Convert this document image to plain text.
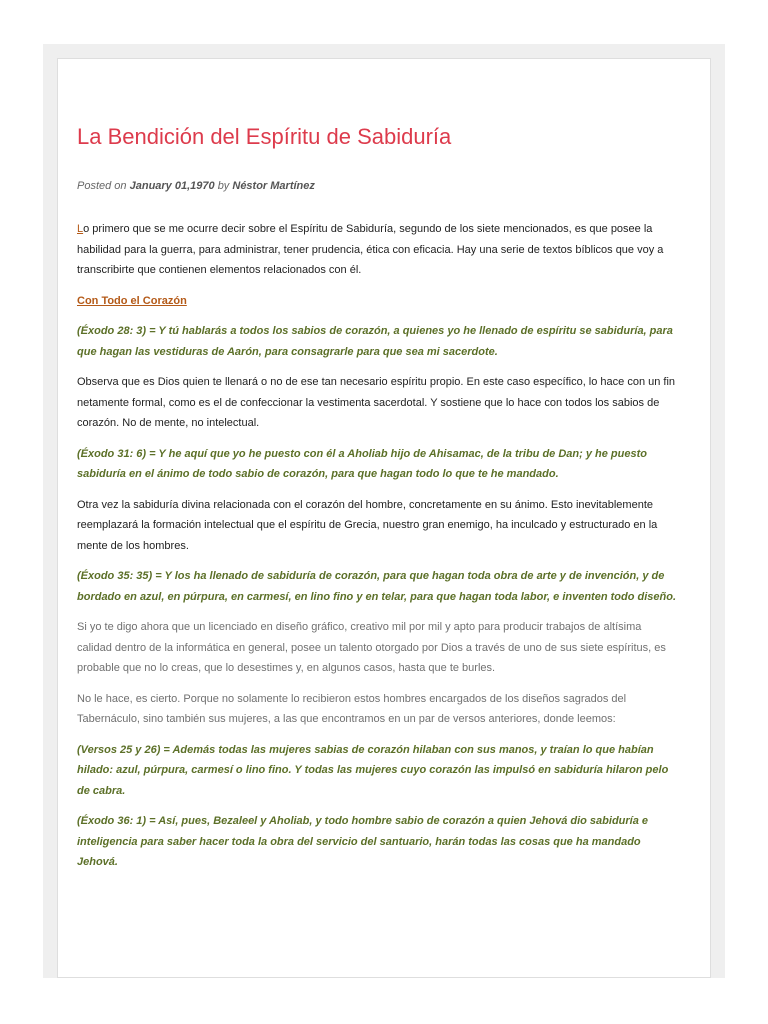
La Bendición del Espíritu de Sabiduría
Posted on January 01,1970 by Néstor Martínez

Lo primero que se me ocurre decir sobre el Espíritu de Sabiduría, segundo de los siete mencionados, es que posee la habilidad para la guerra, para administrar, tener prudencia, ética con eficacia. Hay una serie de textos bíblicos que voy a transcribirte que contienen elementos relacionados con él.

Con Todo el Corazón

(Éxodo 28: 3) = Y tú hablarás a todos los sabios de corazón, a quienes yo he llenado de espíritu se sabiduría, para que hagan las vestiduras de Aarón, para consagrarle para que sea mi sacerdote.

Observa que es Dios quien te llenará o no de ese tan necesario espíritu propio. En este caso específico, lo hace con un fin netamente formal, como es el de confeccionar la vestimenta sacerdotal. Y sostiene que lo hace con todos los sabios de corazón. No de mente, no intelectual.

(Éxodo 31: 6) = Y he aquí que yo he puesto con él a Aholiab hijo de Ahisamac, de la tribu de Dan; y he puesto sabiduría en el ánimo de todo sabio de corazón, para que hagan todo lo que te he mandado.

Otra vez la sabiduría divina relacionada con el corazón del hombre, concretamente en su ánimo. Esto inevitablemente reemplazará la formación intelectual que el espíritu de Grecia, nuestro gran enemigo, ha inculcado y estructurado en la mente de los hombres.

(Éxodo 35: 35) = Y los ha llenado de sabiduría de corazón, para que hagan toda obra de arte y de invención, y de bordado en azul, en púrpura, en carmesí, en lino fino y en telar, para que hagan toda labor, e inventen todo diseño.

Si yo te digo ahora que un licenciado en diseño gráfico, creativo mil por mil y apto para producir trabajos de altísima calidad dentro de la informática en general, posee un talento otorgado por Dios a través de uno de sus siete espíritus, es probable que no lo creas, que lo desestimes y, en algunos casos, hasta que te burles.

No le hace, es cierto. Porque no solamente lo recibieron estos hombres encargados de los diseños sagrados del Tabernáculo, sino también sus mujeres, a las que encontramos en un par de versos anteriores, donde leemos:

(Versos 25 y 26) = Además todas las mujeres sabias de corazón hilaban con sus manos, y traían lo que habían hilado: azul, púrpura, carmesí o lino fino. Y todas las mujeres cuyo corazón las impulsó en sabiduría hilaron pelo de cabra.

(Éxodo 36: 1) = Así, pues, Bezaleel y Aholiab, y todo hombre sabio de corazón a quien Jehová dio sabiduría e inteligencia para saber hacer toda la obra del servicio del santuario, harán todas las cosas que ha mandado Jehová.
